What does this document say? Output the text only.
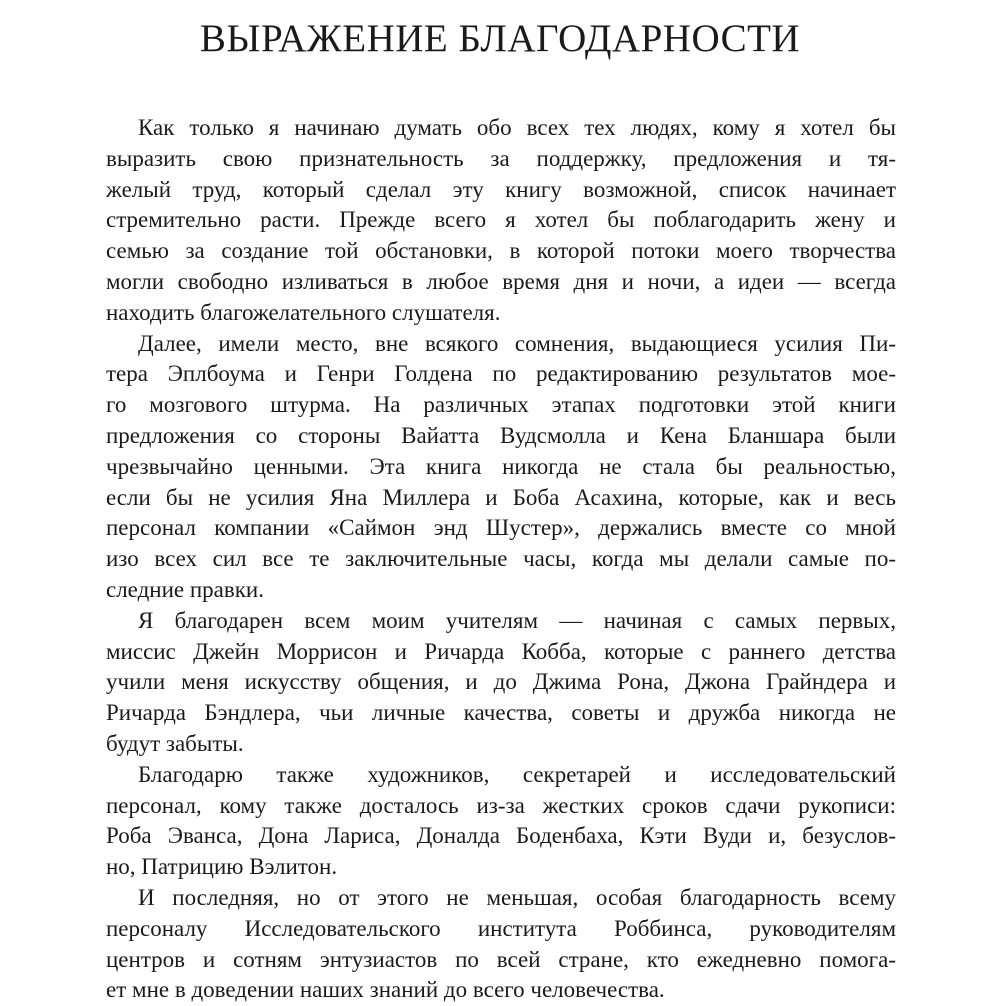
ВЫРАЖЕНИЕ БЛАГОДАРНОСТИ
Как только я начинаю думать обо всех тех людях, кому я хотел бы
выразить свою признательность за поддержку, предложения и тя-
желый труд, который сделал эту книгу возможной, список начинает
стремительно расти. Прежде всего я хотел бы поблагодарить жену и
семью за создание той обстановки, в которой потоки моего творчества
могли свободно изливаться в любое время дня и ночи, а идеи — всегда
находить благожелательного слушателя.
Далее, имели место, вне всякого сомнения, выдающиеся усилия Пи-
тера Эплбоума и Генри Голдена по редактированию результатов мое-
го мозгового штурма. На различных этапах подготовки этой книги
предложения со стороны Вайатта Вудсмолла и Кена Бланшара были
чрезвычайно ценными. Эта книга никогда не стала бы реальностью,
если бы не усилия Яна Миллера и Боба Асахина, которые, как и весь
персонал компании «Саймон энд Шустер», держались вместе со мной
изо всех сил все те заключительные часы, когда мы делали самые по-
следние правки.
Я благодарен всем моим учителям — начиная с самых первых,
миссис Джейн Моррисон и Ричарда Кобба, которые с раннего детства
учили меня искусству общения, и до Джима Рона, Джона Грайндера и
Ричарда Бэндлера, чьи личные качества, советы и дружба никогда не
будут забыты.
Благодарю также художников, секретарей и исследовательский
персонал, кому также досталось из-за жестких сроков сдачи рукописи:
Роба Эванса, Дона Лариса, Доналда Боденбаха, Кэти Вуди и, безуслов-
но, Патрицию Вэлитон.
И последняя, но от этого не меньшая, особая благодарность всему
персоналу Исследовательского института Роббинса, руководителям
центров и сотням энтузиастов по всей стране, кто ежедневно помога-
ет мне в доведении наших знаний до всего человечества.
